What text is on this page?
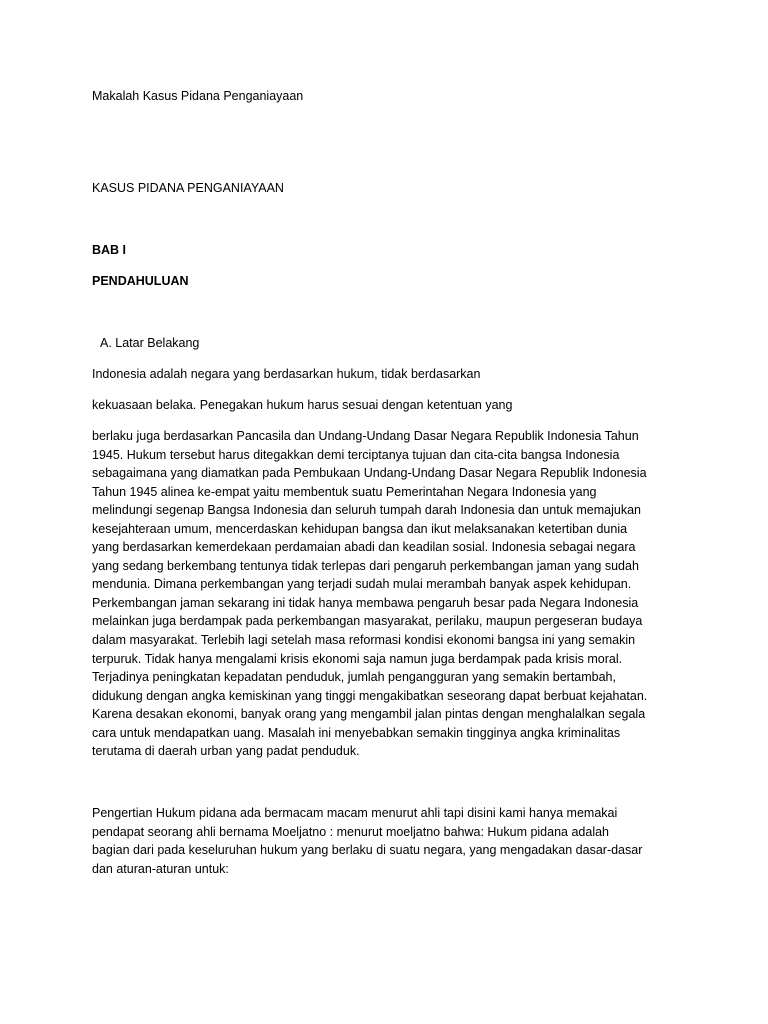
Makalah Kasus Pidana Penganiayaan

KASUS PIDANA PENGANIAYAAN

BAB I

PENDAHULUAN

A. Latar Belakang

Indonesia adalah negara yang berdasarkan hukum, tidak berdasarkan

kekuasaan belaka. Penegakan hukum harus sesuai dengan ketentuan yang

berlaku juga berdasarkan Pancasila dan Undang-Undang Dasar Negara Republik Indonesia Tahun
1945. Hukum tersebut harus ditegakkan demi terciptanya tujuan dan cita-cita bangsa Indonesia
sebagaimana yang diamatkan pada Pembukaan Undang-Undang Dasar Negara Republik Indonesia
Tahun 1945 alinea ke-empat yaitu membentuk suatu Pemerintahan Negara Indonesia yang
melindungi segenap Bangsa Indonesia dan seluruh tumpah darah Indonesia dan untuk memajukan
kesejahteraan umum, mencerdaskan kehidupan bangsa dan ikut melaksanakan ketertiban dunia
yang berdasarkan kemerdekaan perdamaian abadi dan keadilan sosial. Indonesia sebagai negara
yang sedang berkembang tentunya tidak terlepas dari pengaruh perkembangan jaman yang sudah
mendunia. Dimana perkembangan yang terjadi sudah mulai merambah banyak aspek kehidupan.
Perkembangan jaman sekarang ini tidak hanya membawa pengaruh besar pada Negara Indonesia
melainkan juga berdampak pada perkembangan masyarakat, perilaku, maupun pergeseran budaya
dalam masyarakat. Terlebih lagi setelah masa reformasi kondisi ekonomi bangsa ini yang semakin
terpuruk. Tidak hanya mengalami krisis ekonomi saja namun juga berdampak pada krisis moral.
Terjadinya peningkatan kepadatan penduduk, jumlah pengangguran yang semakin bertambah,
didukung dengan angka kemiskinan yang tinggi mengakibatkan seseorang dapat berbuat kejahatan.
Karena desakan ekonomi, banyak orang yang mengambil jalan pintas dengan menghalalkan segala
cara untuk mendapatkan uang. Masalah ini menyebabkan semakin tingginya angka kriminalitas
terutama di daerah urban yang padat penduduk.
Pengertian Hukum pidana ada bermacam macam menurut ahli tapi disini kami hanya memakai
pendapat seorang ahli bernama Moeljatno : menurut moeljatno bahwa: Hukum pidana adalah
bagian dari pada keseluruhan hukum yang berlaku di suatu negara, yang mengadakan dasar-dasar
dan aturan-aturan untuk:
